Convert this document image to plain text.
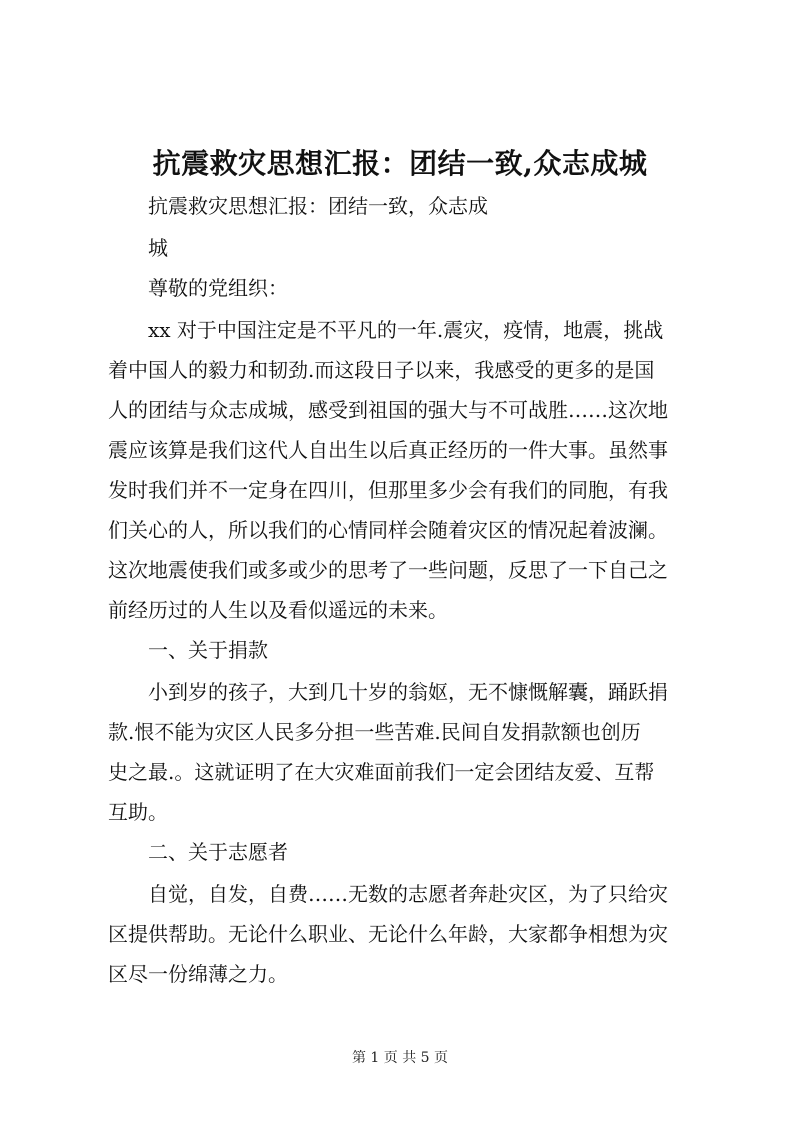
抗震救灾思想汇报：团结一致,众志成城

抗震救灾思想汇报：团结一致，众志成

城

尊敬的党组织：

xx 对于中国注定是不平凡的一年.震灾，疫情，地震，挑战

着中国人的毅力和韧劲.而这段日子以来，我感受的更多的是国

人的团结与众志成城，感受到祖国的强大与不可战胜……这次地

震应该算是我们这代人自出生以后真正经历的一件大事。虽然事

发时我们并不一定身在四川，但那里多少会有我们的同胞，有我

们关心的人，所以我们的心情同样会随着灾区的情况起着波澜。

这次地震使我们或多或少的思考了一些问题，反思了一下自己之

前经历过的人生以及看似遥远的未来。

一、关于捐款

小到岁的孩子，大到几十岁的翁妪，无不慷慨解囊，踊跃捐

款.恨不能为灾区人民多分担一些苦难.民间自发捐款额也创历

史之最.。这就证明了在大灾难面前我们一定会团结友爱、互帮

互助。

二、关于志愿者

自觉，自发，自费……无数的志愿者奔赴灾区，为了只给灾

区提供帮助。无论什么职业、无论什么年龄，大家都争相想为灾

区尽一份绵薄之力。

第 1 页 共 5 页
